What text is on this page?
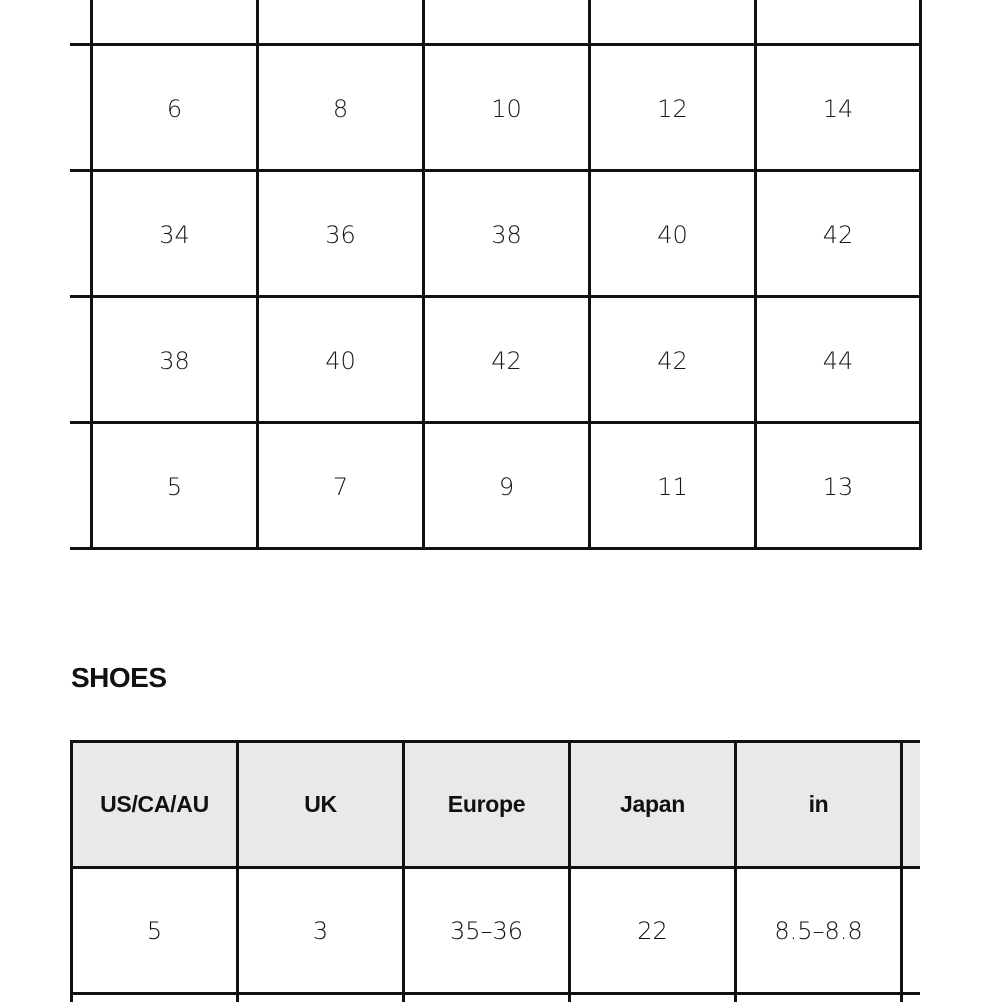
6	8	10	12	14
34	36	38	40	42
38	40	42	42	44
5	7	9	11	13
SHOES
US/CA/AU	UK	Europe	Japan	in
5	3	35–36	22	8.5–8.8
